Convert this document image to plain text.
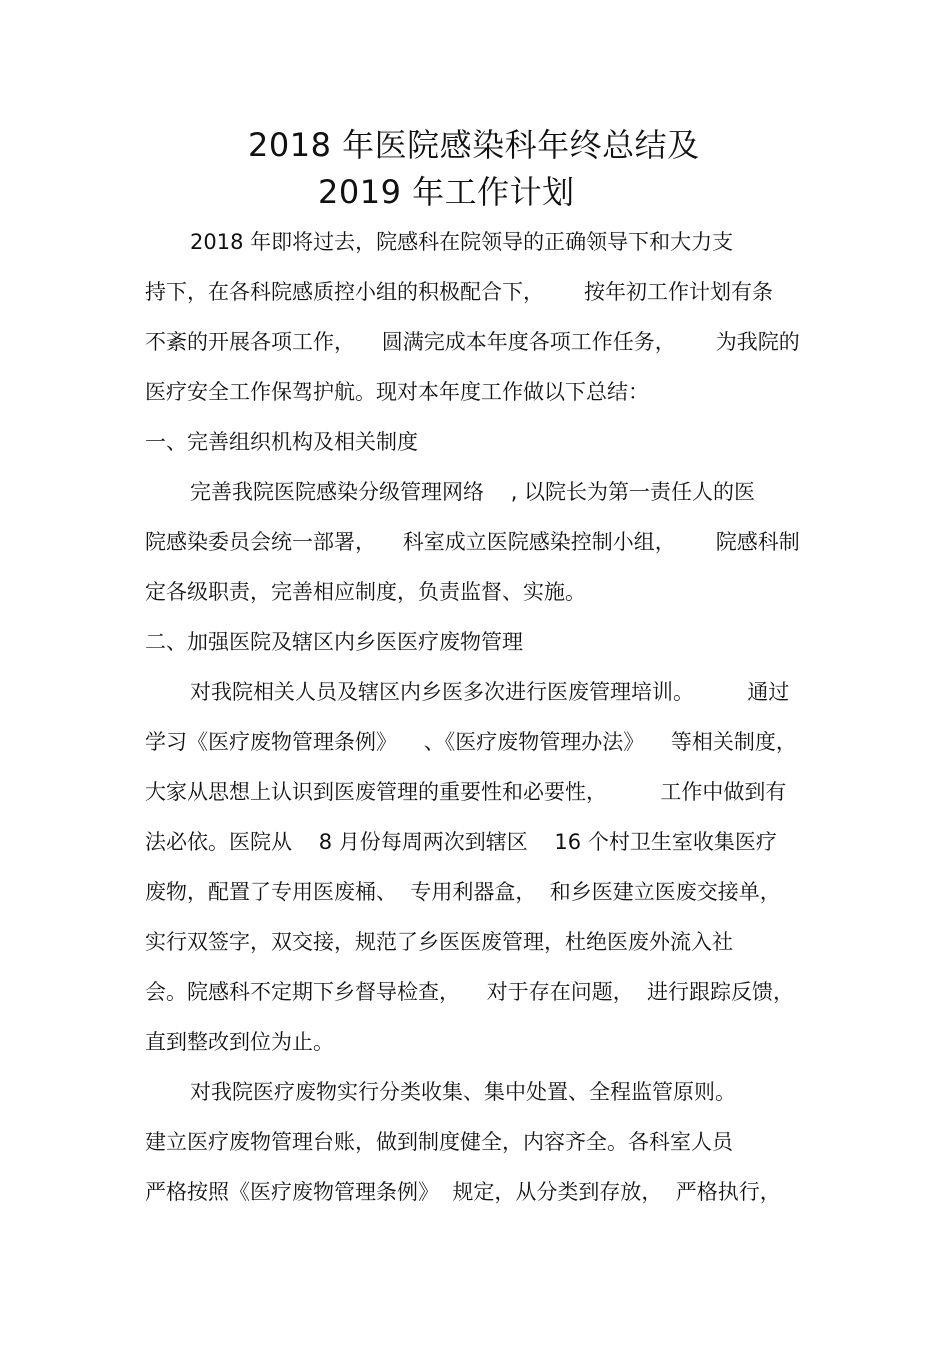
2018 年医院感染科年终总结及
2019 年工作计划
2018 年即将过去，院感科在院领导的正确领导下和大力支
持下，在各科院感质控小组的积极配合下，      按年初工作计划有条
不紊的开展各项工作，    圆满完成本年度各项工作任务，      为我院的
医疗安全工作保驾护航。现对本年度工作做以下总结：
一、完善组织机构及相关制度
完善我院医院感染分级管理网络    , 以院长为第一责任人的医
院感染委员会统一部署，    科室成立医院感染控制小组，      院感科制
定各级职责，完善相应制度，负责监督、实施。
二、加强医院及辖区内乡医医疗废物管理
对我院相关人员及辖区内乡医多次进行医废管理培训。        通过
学习《医疗废物管理条例》    、《医疗废物管理办法》    等相关制度，
大家从思想上认识到医废管理的重要性和必要性，        工作中做到有
法必依。医院从    8 月份每周两次到辖区    16 个村卫生室收集医疗
废物，配置了专用医废桶、  专用利器盒，  和乡医建立医废交接单，
实行双签字，双交接，规范了乡医医废管理，杜绝医废外流入社
会。院感科不定期下乡督导检查，    对于存在问题，  进行跟踪反馈，
直到整改到位为止。
对我院医疗废物实行分类收集、集中处置、全程监管原则。
建立医疗废物管理台账，做到制度健全，内容齐全。各科室人员
严格按照《医疗废物管理条例》  规定，从分类到存放，  严格执行，
